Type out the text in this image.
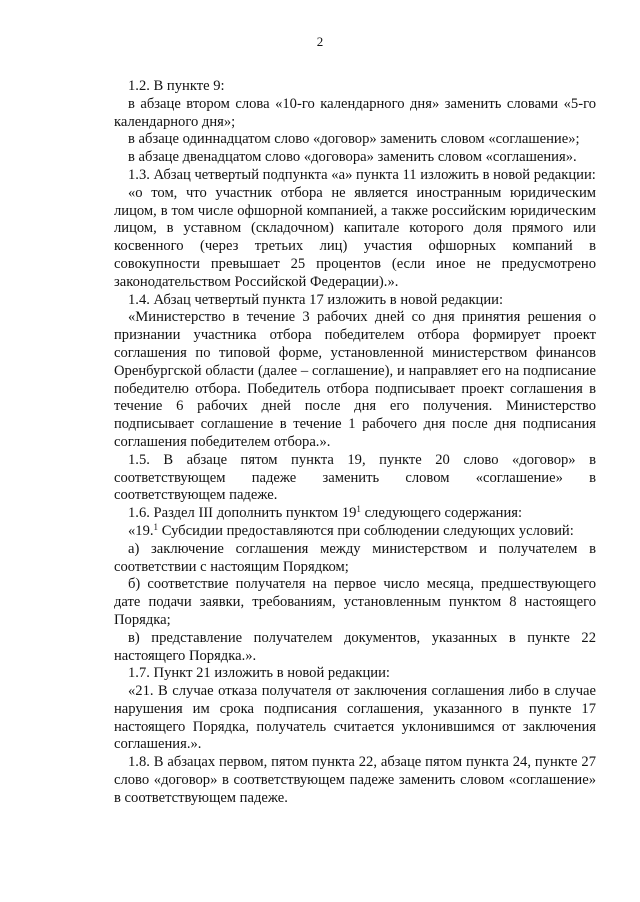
2

1.2. В пункте 9:

в абзаце втором слова «10-го календарного дня» заменить словами «5-го календарного дня»;

в абзаце одиннадцатом слово «договор» заменить словом «соглашение»;

в абзаце двенадцатом слово «договора» заменить словом «соглашения».

1.3. Абзац четвертый подпункта «а» пункта 11 изложить в новой редакции:

«о том, что участник отбора не является иностранным юридическим лицом, в том числе офшорной компанией, а также российским юридическим лицом, в уставном (складочном) капитале которого доля прямого или косвенного (через третьих лиц) участия офшорных компаний в совокупности превышает 25 процентов (если иное не предусмотрено законодательством Российской Федерации).».

1.4. Абзац четвертый пункта 17 изложить в новой редакции:

«Министерство в течение 3 рабочих дней со дня принятия решения о признании участника отбора победителем отбора формирует проект соглашения по типовой форме, установленной министерством финансов Оренбургской области (далее – соглашение), и направляет его на подписание победителю отбора. Победитель отбора подписывает проект соглашения в течение 6 рабочих дней после дня его получения. Министерство подписывает соглашение в течение 1 рабочего дня после дня подписания соглашения победителем отбора.».

1.5. В абзаце пятом пункта 19, пункте 20 слово «договор» в соответствующем падеже заменить словом «соглашение» в соответствующем падеже.

1.6. Раздел III дополнить пунктом $19^1$ следующего содержания:

«19.$^1$ Субсидии предоставляются при соблюдении следующих условий:

а) заключение соглашения между министерством и получателем в соответствии с настоящим Порядком;

б) соответствие получателя на первое число месяца, предшествующего дате подачи заявки, требованиям, установленным пунктом 8 настоящего Порядка;

в) представление получателем документов, указанных в пункте 22 настоящего Порядка.».

1.7. Пункт 21 изложить в новой редакции:

«21. В случае отказа получателя от заключения соглашения либо в случае нарушения им срока подписания соглашения, указанного в пункте 17 настоящего Порядка, получатель считается уклонившимся от заключения соглашения.».

1.8. В абзацах первом, пятом пункта 22, абзаце пятом пункта 24, пункте 27 слово «договор» в соответствующем падеже заменить словом «соглашение» в соответствующем падеже.
